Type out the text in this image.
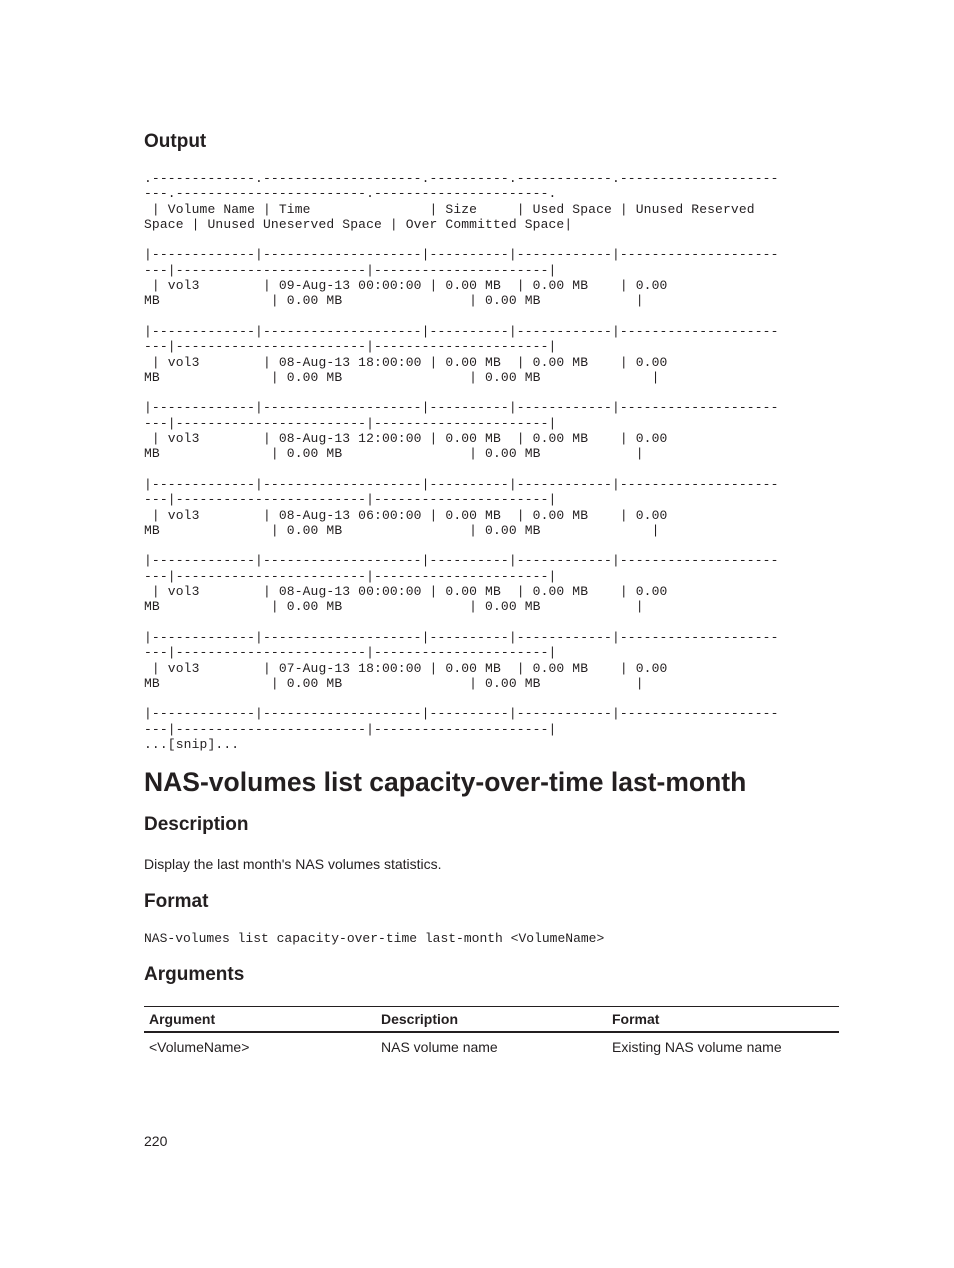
Output
.-------------.--------------------.----------.------------.--------------------
---.------------------------.----------------------.
| Volume Name | Time               | Size     | Used Space | Unused Reserved
Space | Unused Uneserved Space | Over Committed Space|

|-------------|--------------------|----------|------------|--------------------
---|------------------------|----------------------|
| vol3        | 09-Aug-13 00:00:00 | 0.00 MB  | 0.00 MB    | 0.00
MB              | 0.00 MB                | 0.00 MB            |

|-------------|--------------------|----------|------------|--------------------
---|------------------------|----------------------|
| vol3        | 08-Aug-13 18:00:00 | 0.00 MB  | 0.00 MB    | 0.00
MB              | 0.00 MB                | 0.00 MB              |

|-------------|--------------------|----------|------------|--------------------
---|------------------------|----------------------|
| vol3        | 08-Aug-13 12:00:00 | 0.00 MB  | 0.00 MB    | 0.00
MB              | 0.00 MB                | 0.00 MB            |

|-------------|--------------------|----------|------------|--------------------
---|------------------------|----------------------|
| vol3        | 08-Aug-13 06:00:00 | 0.00 MB  | 0.00 MB    | 0.00
MB              | 0.00 MB                | 0.00 MB              |

|-------------|--------------------|----------|------------|--------------------
---|------------------------|----------------------|
| vol3        | 08-Aug-13 00:00:00 | 0.00 MB  | 0.00 MB    | 0.00
MB              | 0.00 MB                | 0.00 MB            |

|-------------|--------------------|----------|------------|--------------------
---|------------------------|----------------------|
| vol3        | 07-Aug-13 18:00:00 | 0.00 MB  | 0.00 MB    | 0.00
MB              | 0.00 MB                | 0.00 MB            |

|-------------|--------------------|----------|------------|--------------------
---|------------------------|----------------------|
...[snip]...
NAS-volumes list capacity-over-time last-month
Description

Display the last month's NAS volumes statistics.

Format
NAS-volumes list capacity-over-time last-month <VolumeName>
Arguments
Argument	Description	Format
<VolumeName>	NAS volume name	Existing NAS volume name

220
